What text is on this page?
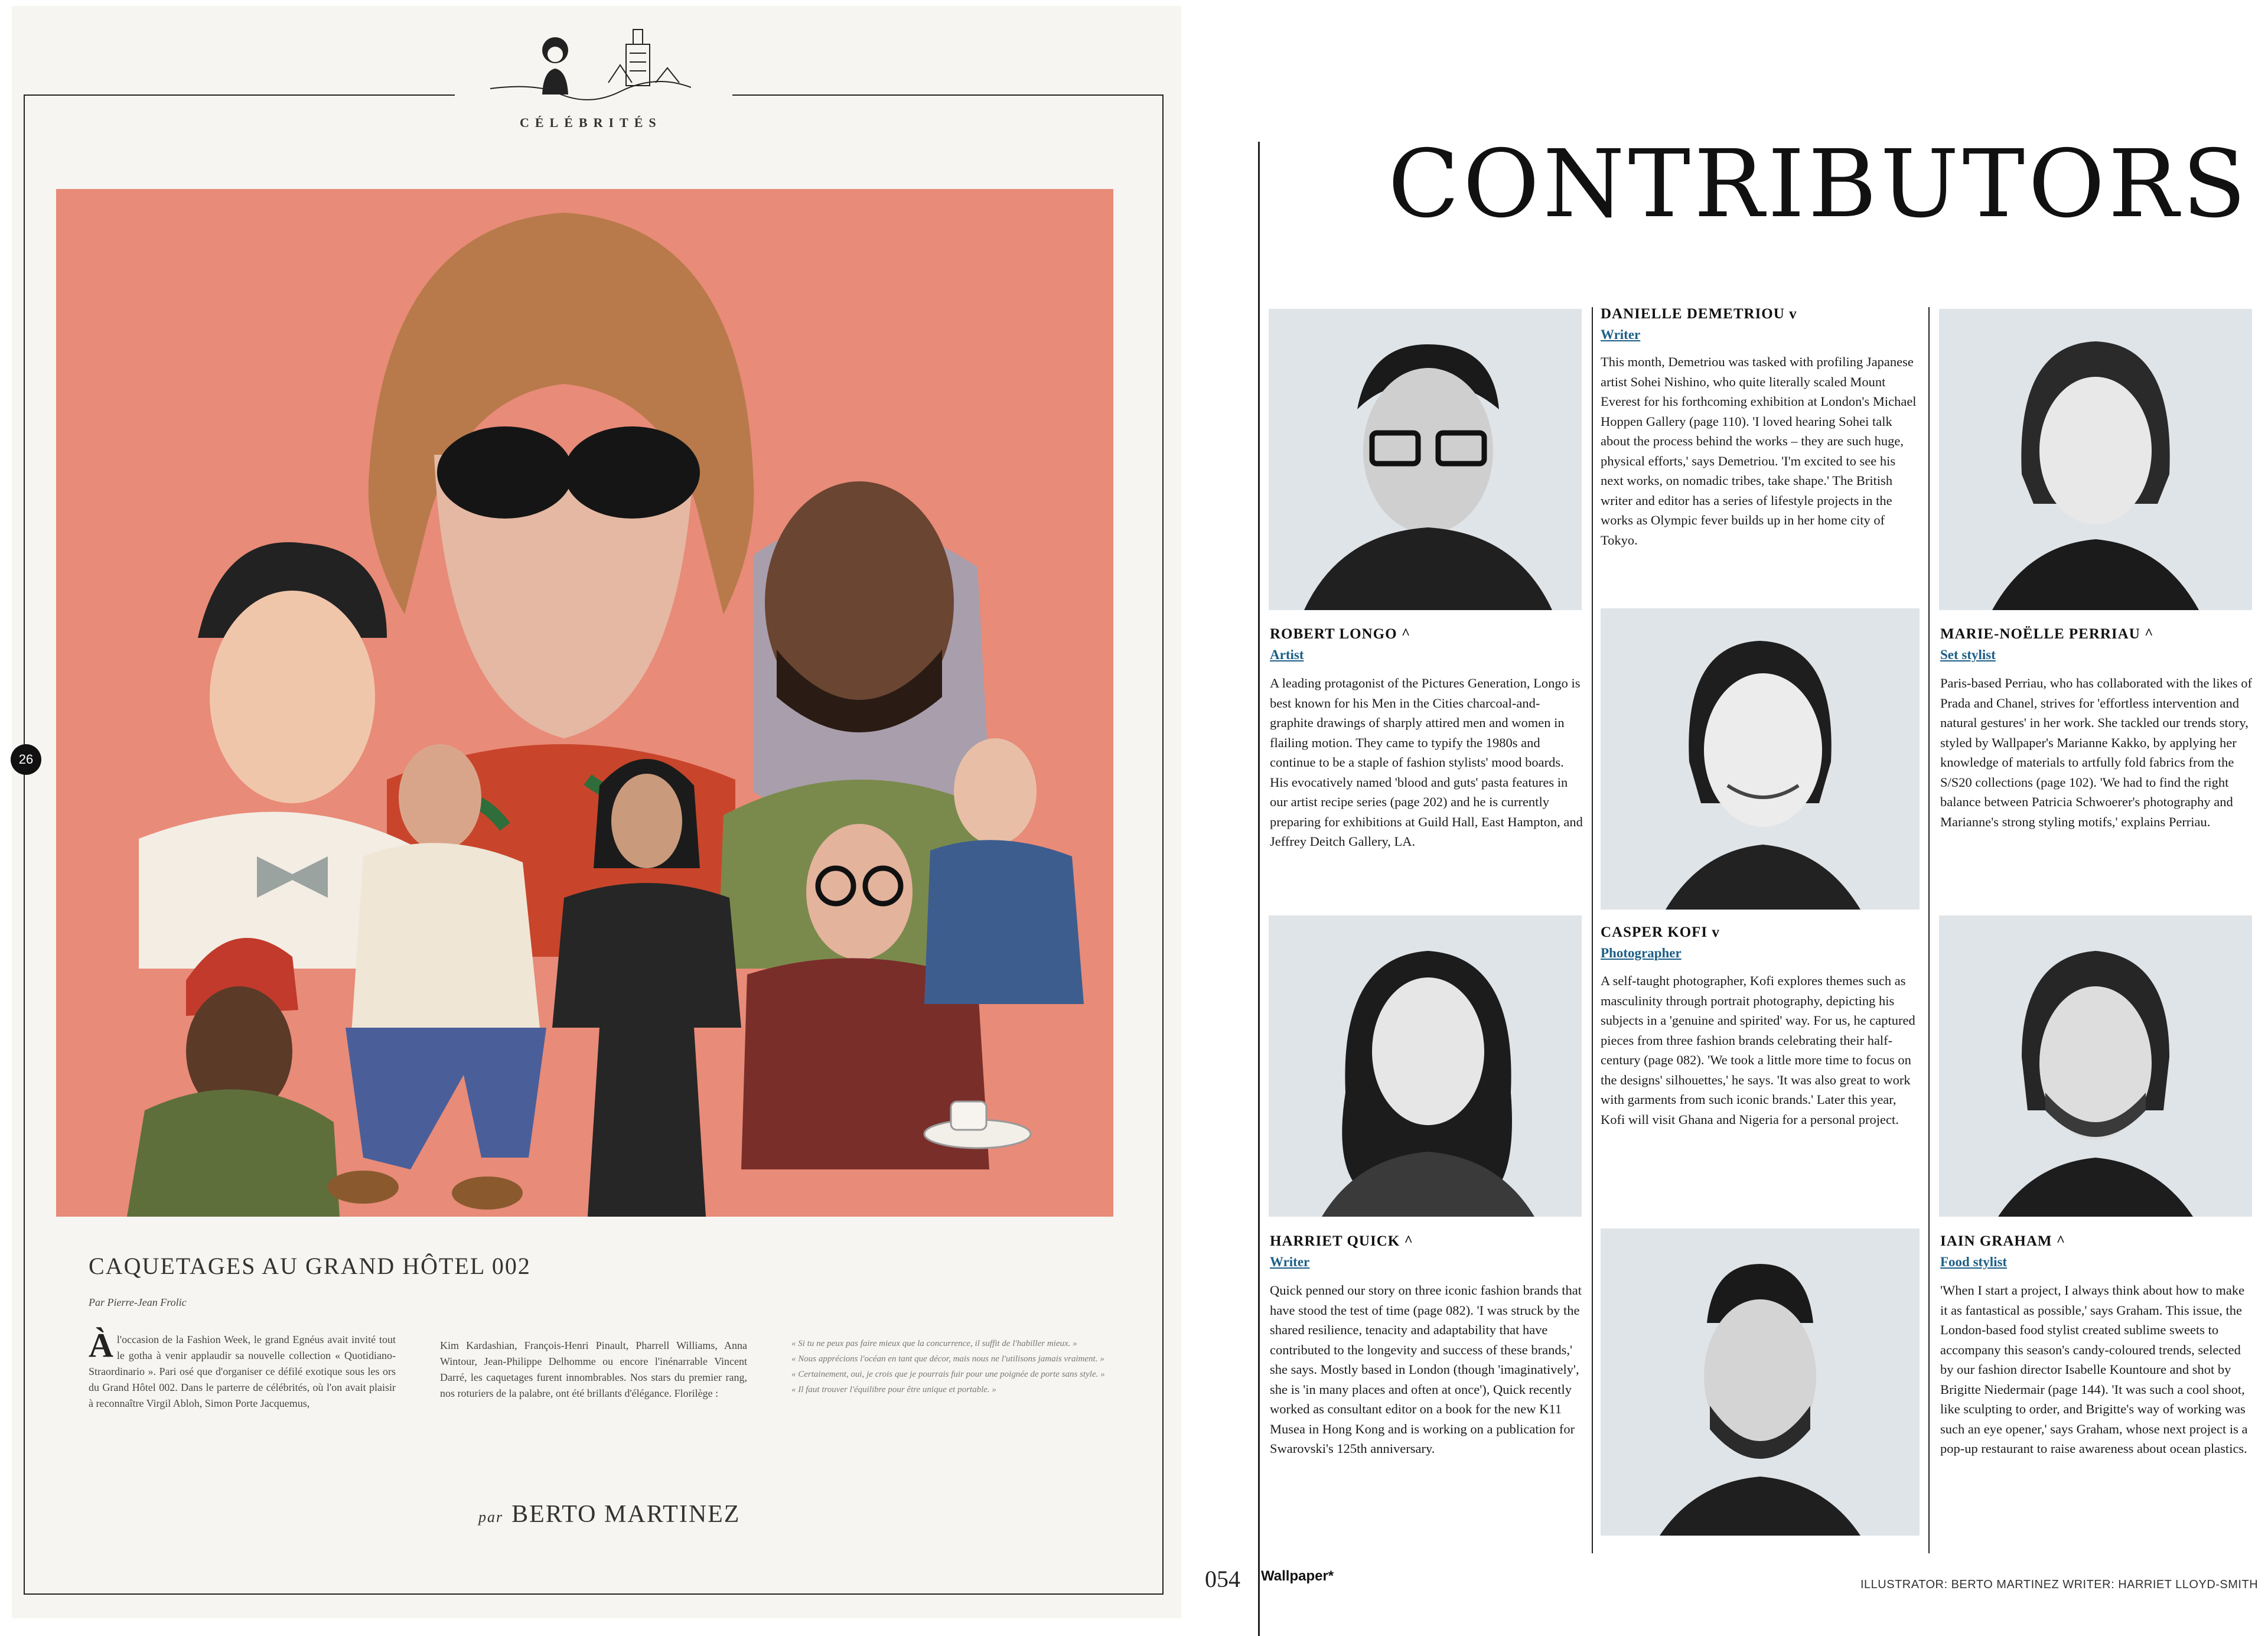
CÉLÉBRITÉS
26
CAQUETAGES AU GRAND HÔTEL 002
Par Pierre-Jean Frolic
Àl'occasion de la Fashion Week, le grand Egnéus avait invité tout le gotha à venir applaudir sa nouvelle collection « Quotidiano-Straordinario ». Pari osé que d'organiser ce défilé exotique sous les ors du Grand Hôtel 002. Dans le parterre de célébrités, où l'on avait plaisir à reconnaître Virgil Abloh, Simon Porte Jacquemus,
Kim Kardashian, François-Henri Pinault, Pharrell Williams, Anna Wintour, Jean-Philippe Delhomme ou encore l'inénarrable Vincent Darré, les caquetages furent innombrables. Nos stars du premier rang, nos roturiers de la palabre, ont été brillants d'élégance. Florilège :
« Si tu ne peux pas faire mieux que la concurrence, il suffit de l'habiller mieux. »
« Nous apprécions l'océan en tant que décor, mais nous ne l'utilisons jamais vraiment. »
« Certainement, oui, je crois que je pourrais fuir pour une poignée de porte sans style. »
« Il faut trouver l'équilibre pour être unique et portable. »
par BERTO MARTINEZ
CONTRIBUTORS
ROBERT LONGO ^
Artist
A leading protagonist of the Pictures Generation, Longo is best known for his Men in the Cities charcoal-and-graphite drawings of sharply attired men and women in flailing motion. They came to typify the 1980s and continue to be a staple of fashion stylists' mood boards. His evocatively named 'blood and guts' pasta features in our artist recipe series (page 202) and he is currently preparing for exhibitions at Guild Hall, East Hampton, and Jeffrey Deitch Gallery, LA.
HARRIET QUICK ^
Writer
Quick penned our story on three iconic fashion brands that have stood the test of time (page 082). 'I was struck by the shared resilience, tenacity and adaptability that have contributed to the longevity and success of these brands,' she says. Mostly based in London (though 'imaginatively', she is 'in many places and often at once'), Quick recently worked as consultant editor on a book for the new K11 Musea in Hong Kong and is working on a publication for Swarovski's 125th anniversary.
DANIELLE DEMETRIOU v
Writer
This month, Demetriou was tasked with profiling Japanese artist Sohei Nishino, who quite literally scaled Mount Everest for his forthcoming exhibition at London's Michael Hoppen Gallery (page 110). 'I loved hearing Sohei talk about the process behind the works – they are such huge, physical efforts,' says Demetriou. 'I'm excited to see his next works, on nomadic tribes, take shape.' The British writer and editor has a series of lifestyle projects in the works as Olympic fever builds up in her home city of Tokyo.
CASPER KOFI v
Photographer
A self-taught photographer, Kofi explores themes such as masculinity through portrait photography, depicting his subjects in a 'genuine and spirited' way. For us, he captured pieces from three fashion brands celebrating their half-century (page 082). 'We took a little more time to focus on the designs' silhouettes,' he says. 'It was also great to work with garments from such iconic brands.' Later this year, Kofi will visit Ghana and Nigeria for a personal project.
MARIE-NOËLLE PERRIAU ^
Set stylist
Paris-based Perriau, who has collaborated with the likes of Prada and Chanel, strives for 'effortless intervention and natural gestures' in her work. She tackled our trends story, styled by Wallpaper's Marianne Kakko, by applying her knowledge of materials to artfully fold fabrics from the S/S20 collections (page 102). 'We had to find the right balance between Patricia Schwoerer's photography and Marianne's strong styling motifs,' explains Perriau.
IAIN GRAHAM ^
Food stylist
'When I start a project, I always think about how to make it as fantastical as possible,' says Graham. This issue, the London-based food stylist created sublime sweets to accompany this season's candy-coloured trends, selected by our fashion director Isabelle Kountoure and shot by Brigitte Niedermair (page 144). 'It was such a cool shoot, like sculpting to order, and Brigitte's way of working was such an eye opener,' says Graham, whose next project is a pop-up restaurant to raise awareness about ocean plastics.
054 Wallpaper*
ILLUSTRATOR: BERTO MARTINEZ WRITER: HARRIET LLOYD-SMITH
